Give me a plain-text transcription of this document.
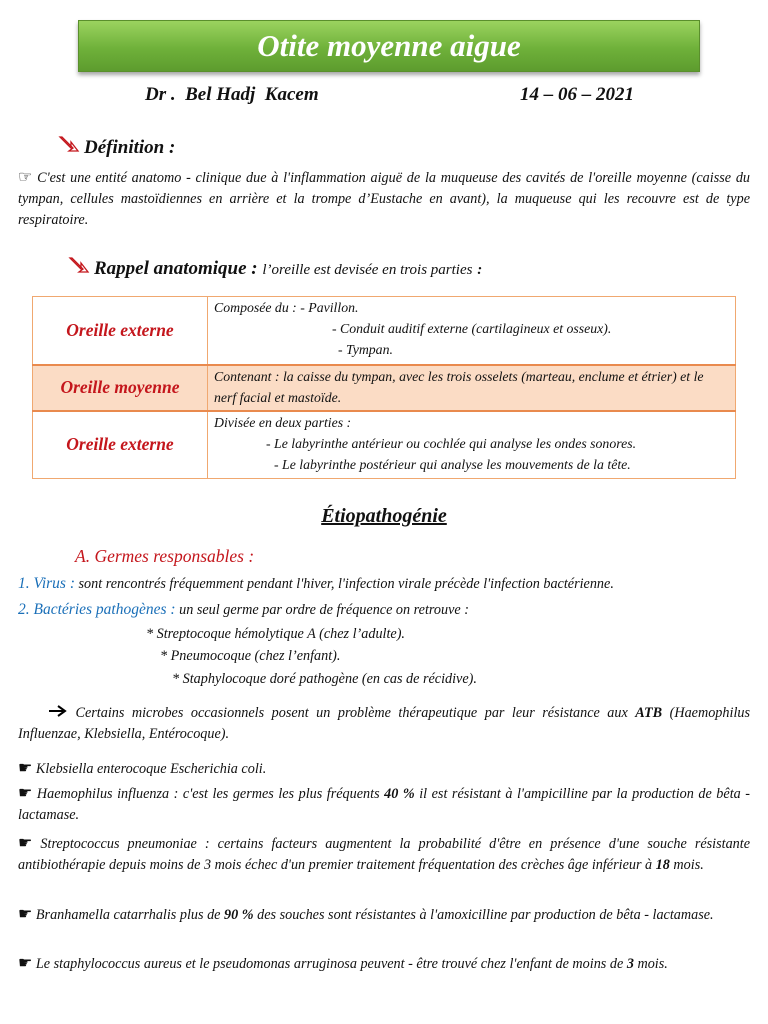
Otite moyenne aigue
Dr .  Bel Hadj  Kacem	14 – 06 – 2021
Définition :
☞ C'est une entité anatomo - clinique due à l'inflammation aiguë de la muqueuse des cavités de l'oreille moyenne (caisse du tympan, cellules mastoïdiennes en arrière et la trompe d’Eustache en avant), la muqueuse qui les recouvre est de type respiratoire.
Rappel anatomique : l’oreille est devisée en trois parties :
Oreille externe	Composée du : - Pavillon.
- Conduit auditif externe (cartilagineux et osseux).
- Tympan.

Oreille moyenne	Contenant : la caisse du tympan, avec les trois osselets (marteau, enclume et étrier) et le nerf facial et mastoïde.
Oreille externe	Divisée en deux parties :
- Le labyrinthe antérieur ou cochlée qui analyse les ondes sonores.
- Le labyrinthe postérieur qui analyse les mouvements de la tête.
Étiopathogénie
A. Germes responsables :
1. Virus : sont rencontrés fréquemment pendant l'hiver, l'infection virale précède l'infection bactérienne.
2. Bactéries pathogènes : un seul germe par ordre de fréquence on retrouve :
* Streptocoque hémolytique A (chez l’adulte).
* Pneumocoque (chez l’enfant).
* Staphylocoque doré pathogène (en cas de récidive).
Certains microbes occasionnels posent un problème thérapeutique par leur résistance aux ATB (Haemophilus Influenzae, Klebsiella, Entérocoque).
☛ Klebsiella enterocoque Escherichia coli.
☛ Haemophilus influenza : c'est les germes les plus fréquents 40 % il est résistant à l'ampicilline par la production de bêta - lactamase.
☛ Streptococcus pneumoniae : certains facteurs augmentent la probabilité d'être en présence d'une souche résistante antibiothérapie depuis moins de 3 mois échec d'un premier traitement fréquentation des crèches âge inférieur à 18 mois.
☛ Branhamella catarrhalis plus de 90 % des souches sont résistantes à l'amoxicilline par production de bêta - lactamase.
☛ Le staphylococcus aureus et le pseudomonas arruginosa peuvent - être trouvé chez l'enfant de moins de 3 mois.
